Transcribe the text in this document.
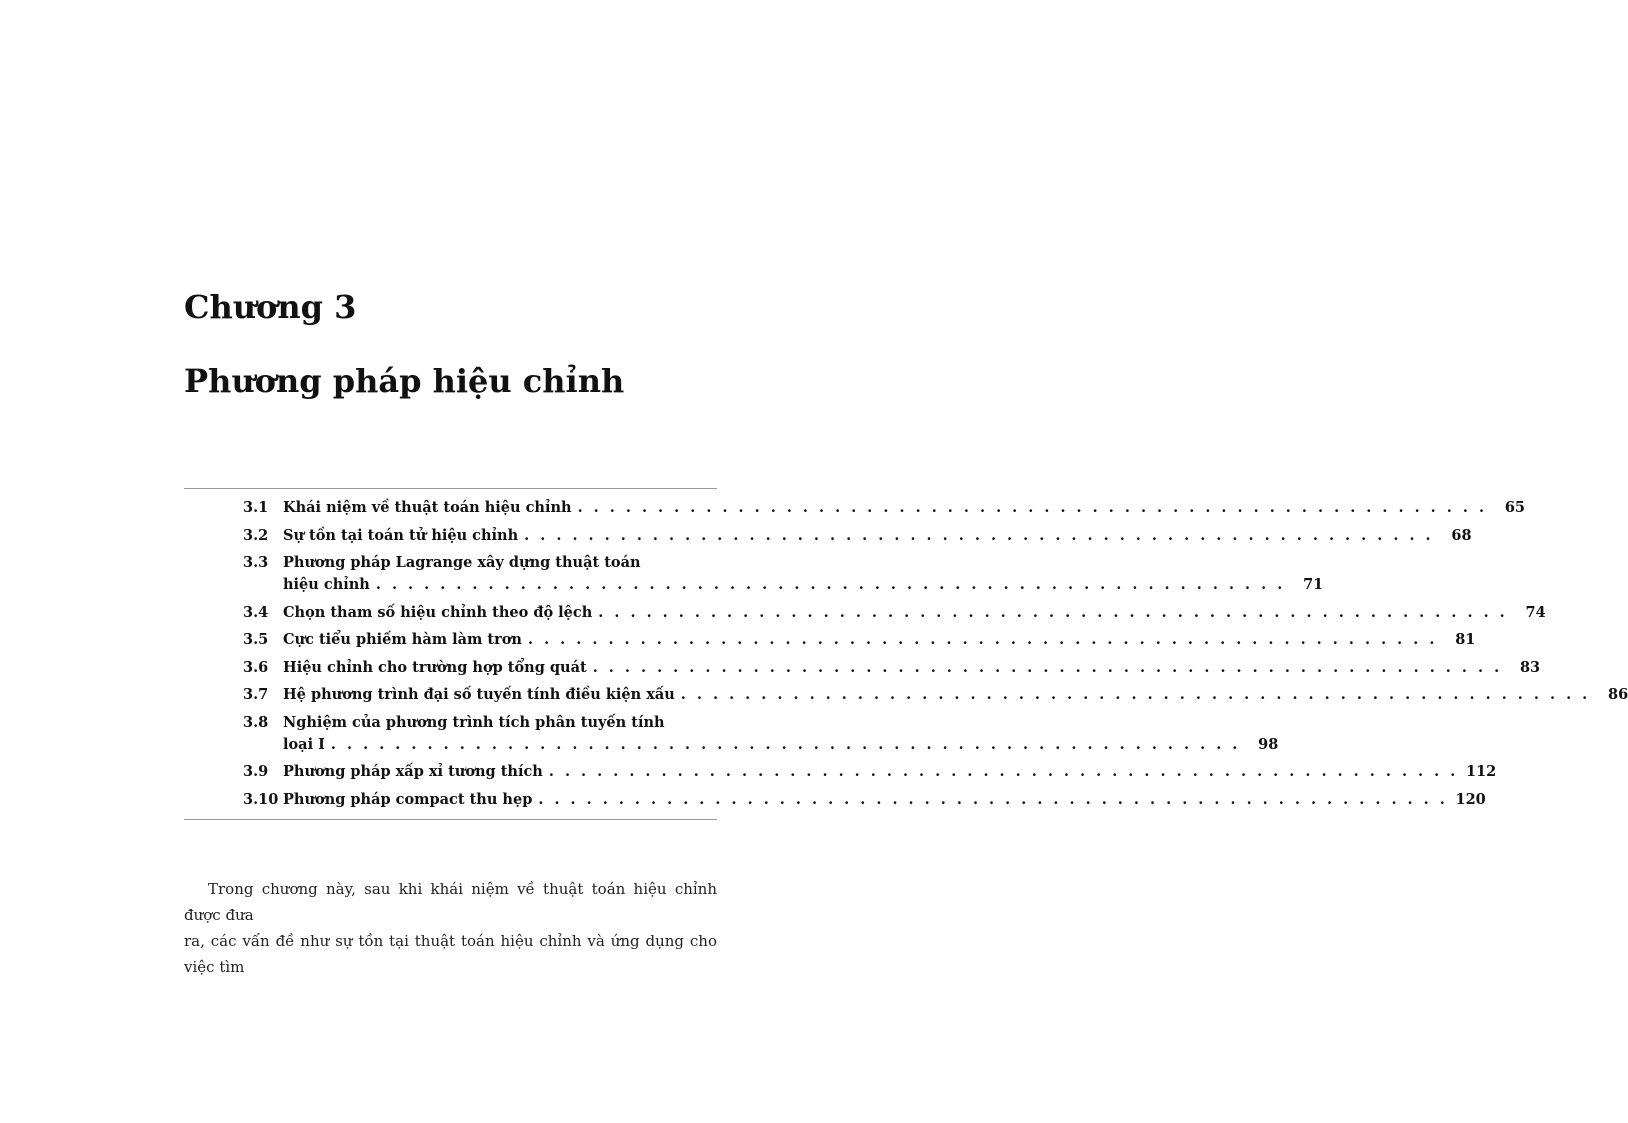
Chương 3
Phương pháp hiệu chỉnh
3.1	Khái niệm về thuật toán hiệu chỉnh . . .	65
3.2	Sự tồn tại toán tử hiệu chỉnh . . .	68
3.3	Phương pháp Lagrange xây dựng thuật toán
hiệu chỉnh . . .	71
3.4	Chọn tham số hiệu chỉnh theo độ lệch . . .	74
3.5	Cực tiểu phiếm hàm làm trơn . . .	81
3.6	Hiệu chỉnh cho trường hợp tổng quát . . .	83
3.7	Hệ phương trình đại số tuyến tính điều kiện xấu . . .	86
3.8	Nghiệm của phương trình tích phân tuyến tính
loại I . . .	98
3.9	Phương pháp xấp xỉ tương thích . . .	112
3.10 Phương pháp compact thu hẹp . . .	120
Trong chương này, sau khi khái niệm về thuật toán hiệu chỉnh được đưa
ra, các vấn đề như sự tồn tại thuật toán hiệu chỉnh và ứng dụng cho việc tìm
